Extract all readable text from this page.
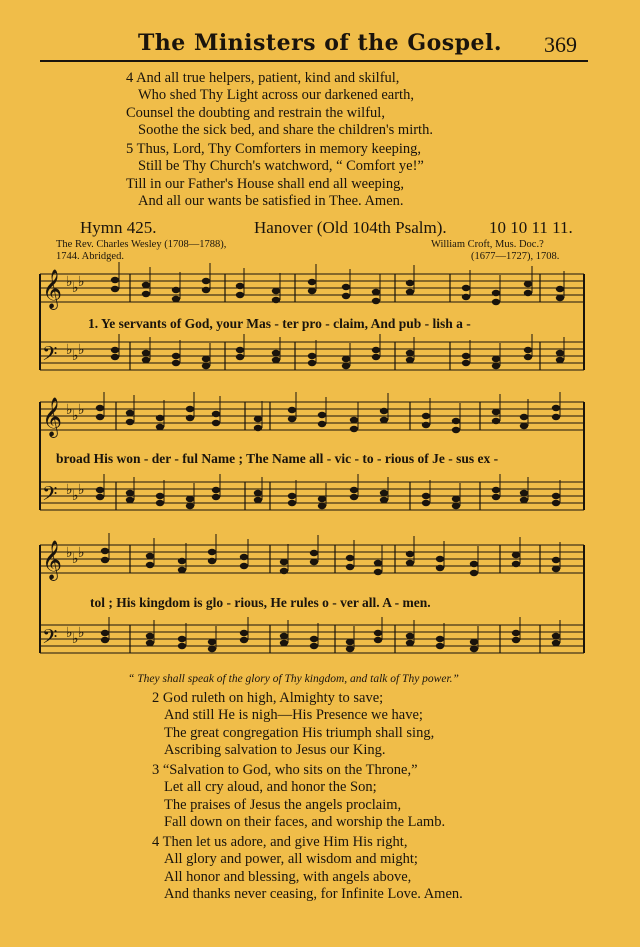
The Ministers of the Gospel.	369
4 And all true helpers, patient, kind and skilful,
Who shed Thy Light across our darkened earth,
Counsel the doubting and restrain the wilful,
Soothe the sick bed, and share the children's mirth.
5 Thus, Lord, Thy Comforters in memory keeping,
Still be Thy Church's watchword, “ Comfort ye!”
Till in our Father's House shall end all weeping,
And all our wants be satisfied in Thee. Amen.
Hymn 425.	Hanover (Old 104th Psalm). 10 10 11 11.
The Rev. Charles Wesley (1708—1788),
1744. Abridged.
William Croft, Mus. Doc.?
(1677—1727), 1708.
𝄞 ♭ ♭ ♭
𝄢 ♭ ♭ ♭
1. Ye servants of God, your Mas - ter pro - claim, And pub - lish a -
𝄞 ♭ ♭ ♭
𝄢 ♭ ♭ ♭
broad His won - der - ful Name ; The Name all - vic - to - rious of Je - sus ex -
𝄞 ♭ ♭ ♭
𝄢 ♭ ♭ ♭
tol ; His kingdom is glo - rious, He rules o - ver all. A - men.
“ They shall speak of the glory of Thy kingdom, and talk of Thy power.”
2 God ruleth on high, Almighty to save;
And still He is nigh—His Presence we have;
The great congregation His triumph shall sing,
Ascribing salvation to Jesus our King.
3 “Salvation to God, who sits on the Throne,”
Let all cry aloud, and honor the Son;
The praises of Jesus the angels proclaim,
Fall down on their faces, and worship the Lamb.
4 Then let us adore, and give Him His right,
All glory and power, all wisdom and might;
All honor and blessing, with angels above,
And thanks never ceasing, for Infinite Love. Amen.
